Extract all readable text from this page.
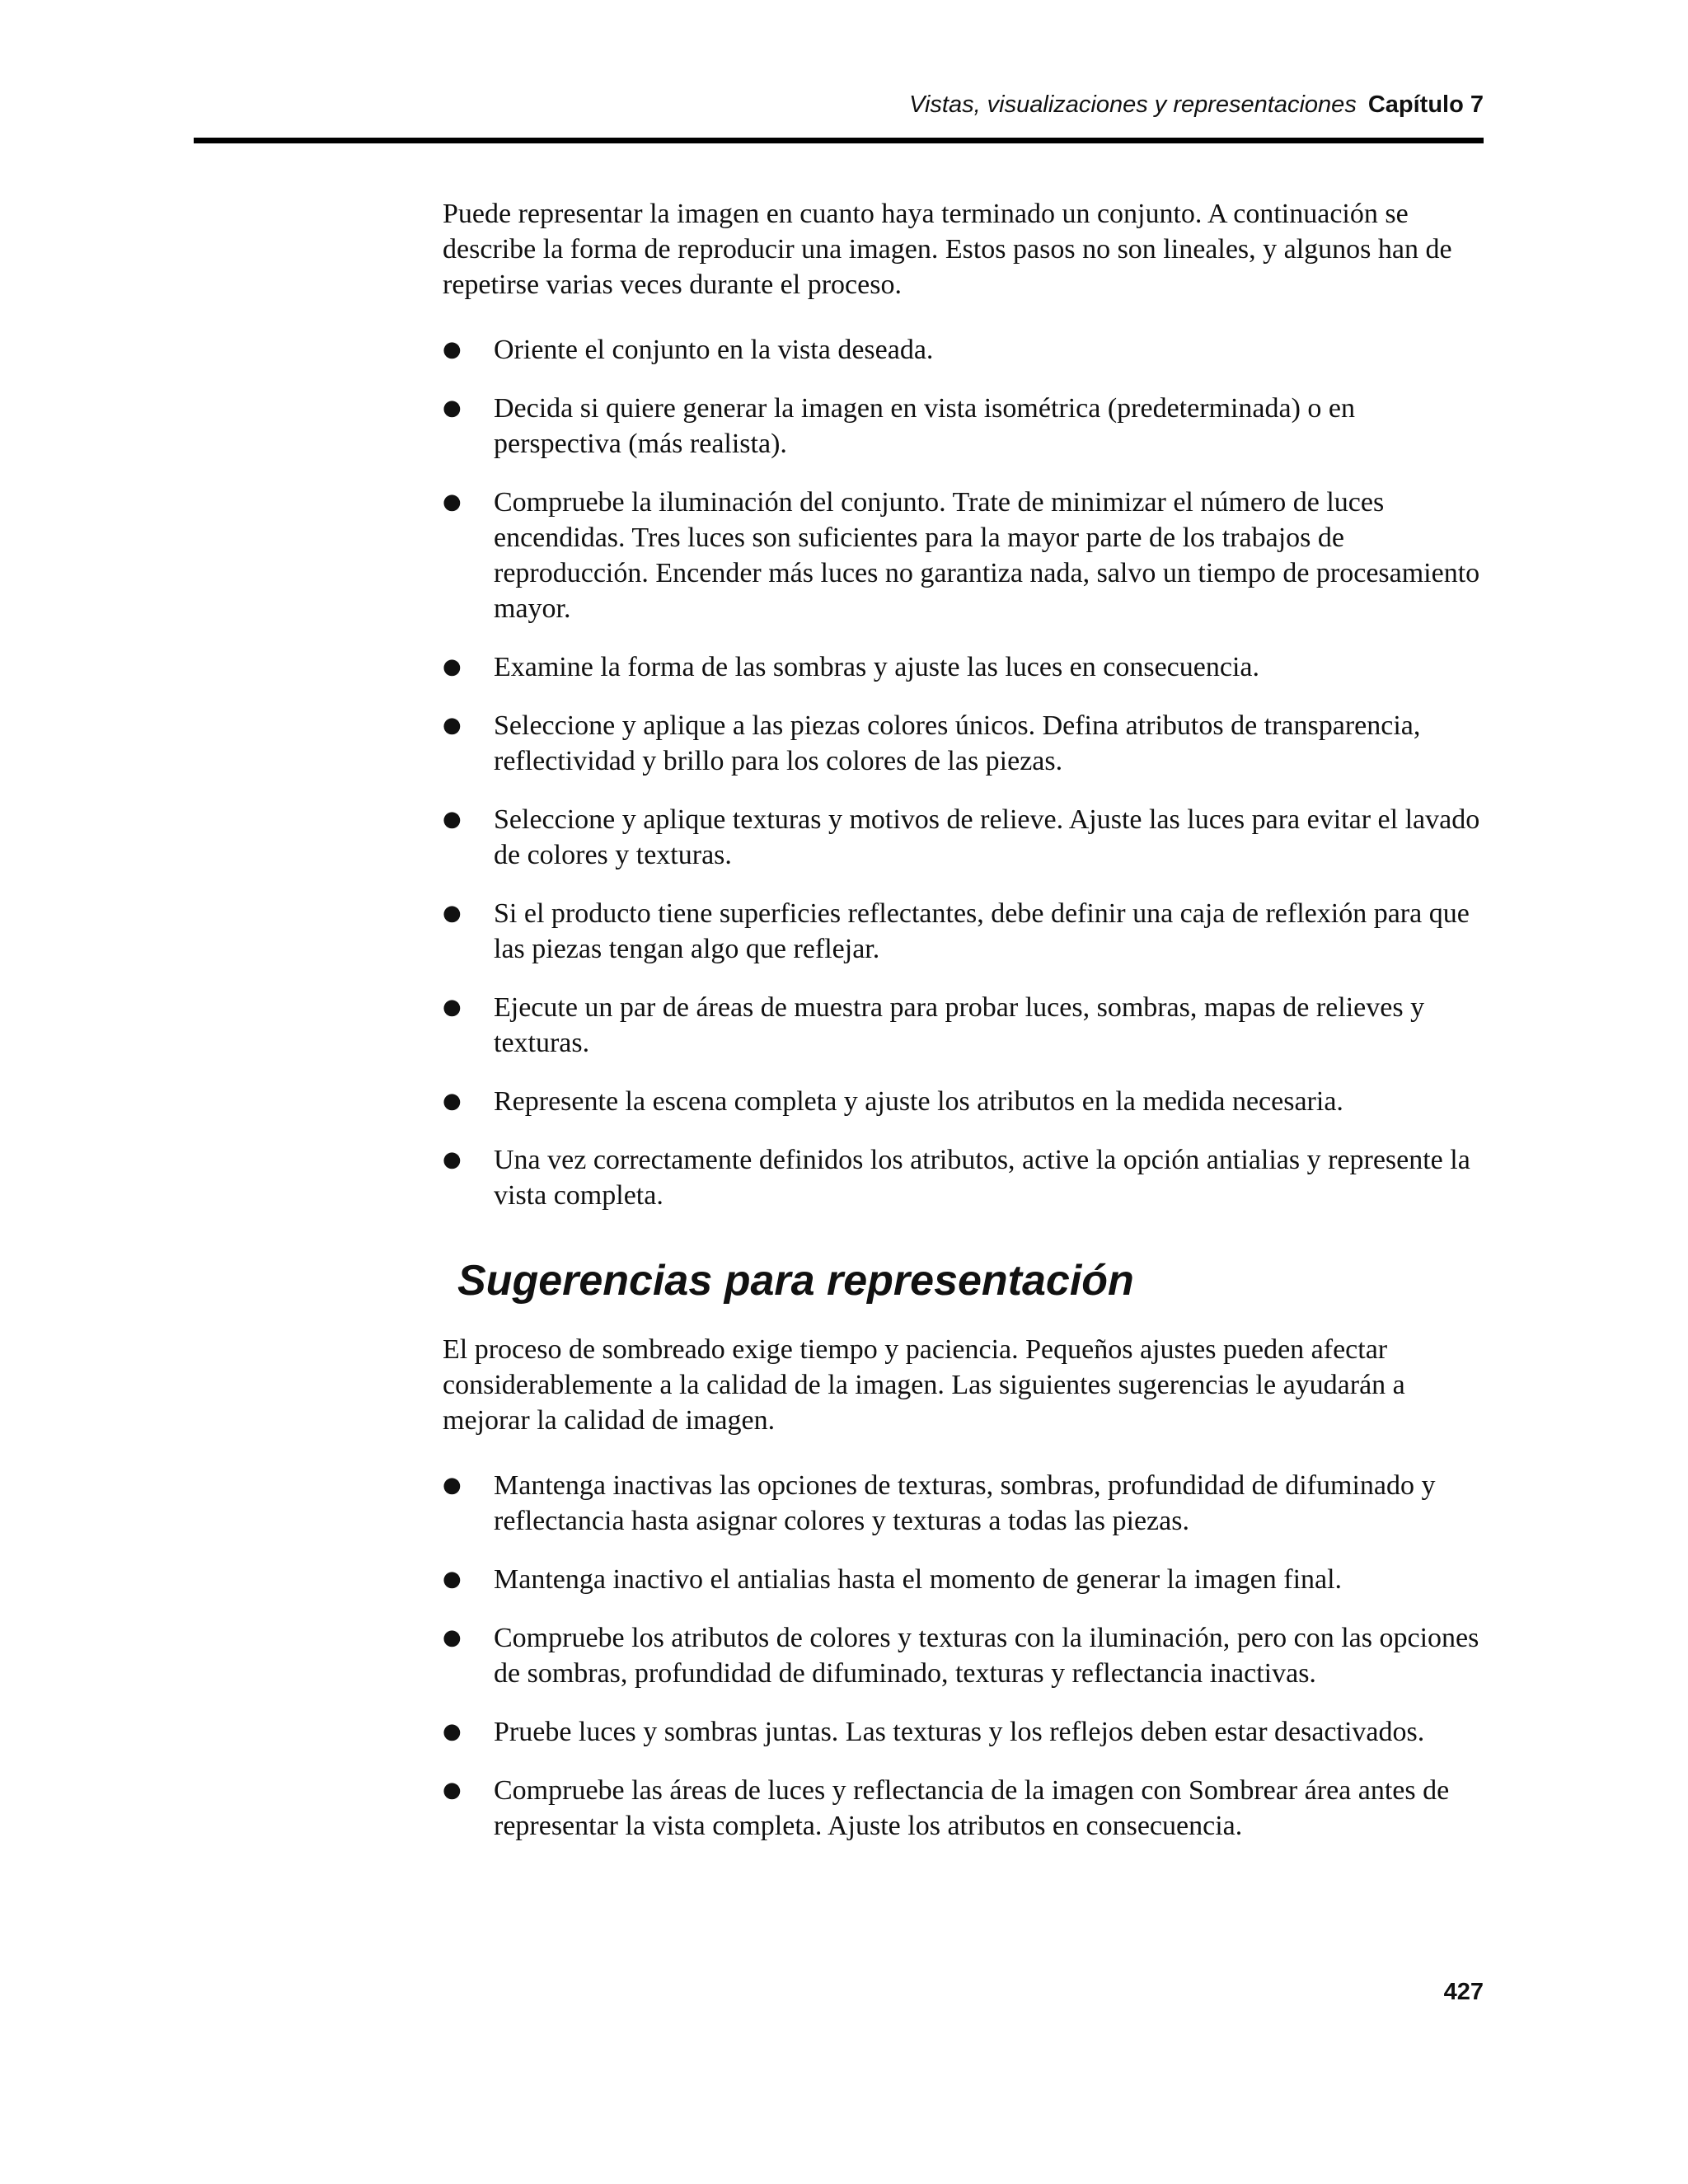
Vistas, visualizaciones y representaciones Capítulo 7

Puede representar la imagen en cuanto haya terminado un conjunto. A continuación se describe la forma de reproducir una imagen. Estos pasos no son lineales, y algunos han de repetirse varias veces durante el proceso.

● Oriente el conjunto en la vista deseada.
● Decida si quiere generar la imagen en vista isométrica (predeterminada) o en perspectiva (más realista).
● Compruebe la iluminación del conjunto. Trate de minimizar el número de luces encendidas. Tres luces son suficientes para la mayor parte de los trabajos de reproducción. Encender más luces no garantiza nada, salvo un tiempo de procesamiento mayor.
● Examine la forma de las sombras y ajuste las luces en consecuencia.
● Seleccione y aplique a las piezas colores únicos. Defina atributos de transparencia, reflectividad y brillo para los colores de las piezas.
● Seleccione y aplique texturas y motivos de relieve. Ajuste las luces para evitar el lavado de colores y texturas.
● Si el producto tiene superficies reflectantes, debe definir una caja de reflexión para que las piezas tengan algo que reflejar.
● Ejecute un par de áreas de muestra para probar luces, sombras, mapas de relieves y texturas.
● Represente la escena completa y ajuste los atributos en la medida necesaria.
● Una vez correctamente definidos los atributos, active la opción antialias y represente la vista completa.
Sugerencias para representación

El proceso de sombreado exige tiempo y paciencia. Pequeños ajustes pueden afectar considerablemente a la calidad de la imagen. Las siguientes sugerencias le ayudarán a mejorar la calidad de imagen.

● Mantenga inactivas las opciones de texturas, sombras, profundidad de difuminado y reflectancia hasta asignar colores y texturas a todas las piezas.
● Mantenga inactivo el antialias hasta el momento de generar la imagen final.
● Compruebe los atributos de colores y texturas con la iluminación, pero con las opciones de sombras, profundidad de difuminado, texturas y reflectancia inactivas.
● Pruebe luces y sombras juntas. Las texturas y los reflejos deben estar desactivados.
● Compruebe las áreas de luces y reflectancia de la imagen con Sombrear área antes de representar la vista completa. Ajuste los atributos en consecuencia.
427
